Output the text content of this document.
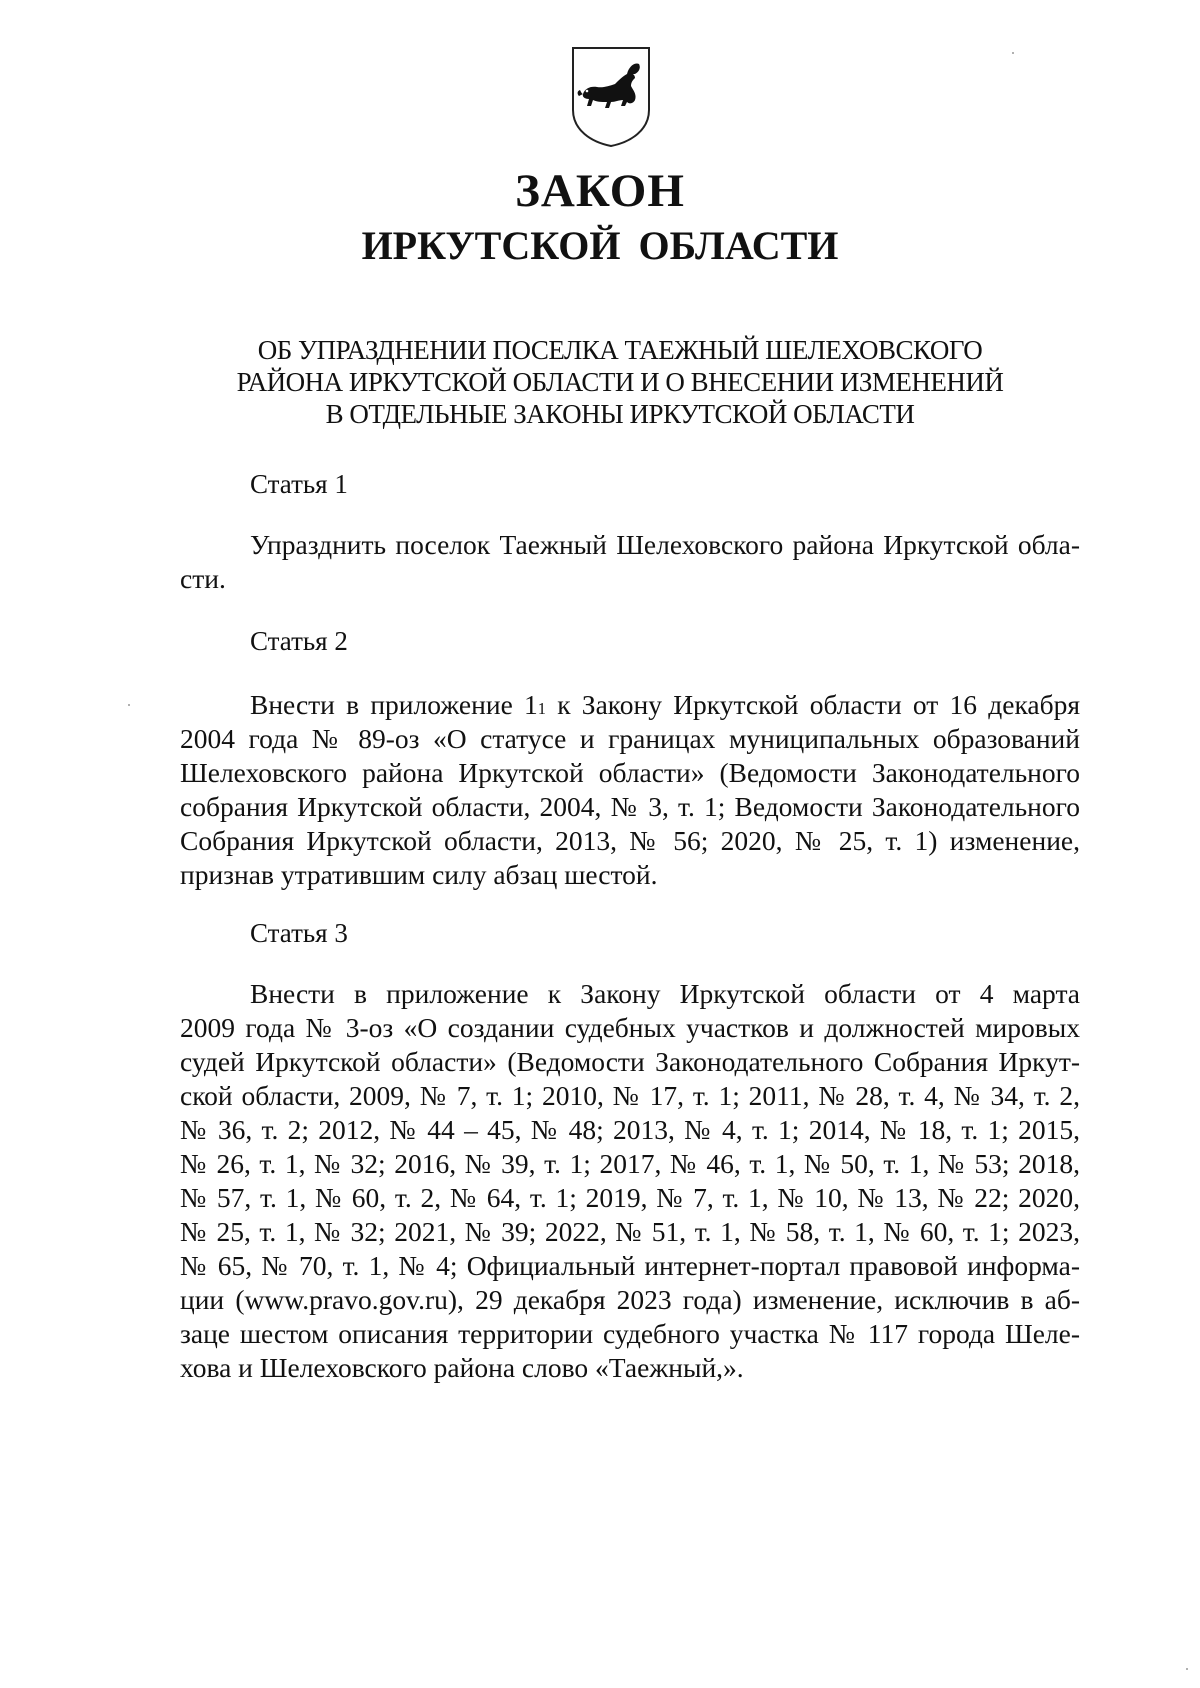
ЗАКОН
ИРКУТСКОЙ ОБЛАСТИ
ОБ УПРАЗДНЕНИИ ПОСЕЛКА ТАЕЖНЫЙ ШЕЛЕХОВСКОГО
РАЙОНА ИРКУТСКОЙ ОБЛАСТИ И О ВНЕСЕНИИ ИЗМЕНЕНИЙ
В ОТДЕЛЬНЫЕ ЗАКОНЫ ИРКУТСКОЙ ОБЛАСТИ

Статья 1

Упразднить поселок Таежный Шелеховского района Иркутской обла-
сти.

Статья 2

Внести в приложение $1^1$ к Закону Иркутской области от 16 декабря
2004 года № 89-оз «О статусе и границах муниципальных образований
Шелеховского района Иркутской области» (Ведомости Законодательного
собрания Иркутской области, 2004, № 3, т. 1; Ведомости Законодательного
Собрания Иркутской области, 2013, № 56; 2020, № 25, т. 1) изменение,
признав утратившим силу абзац шестой.

Статья 3

Внести в приложение к Закону Иркутской области от 4 марта
2009 года № 3-оз «О создании судебных участков и должностей мировых
судей Иркутской области» (Ведомости Законодательного Собрания Иркут-
ской области, 2009, № 7, т. 1; 2010, № 17, т. 1; 2011, № 28, т. 4, № 34, т. 2,
№ 36, т. 2; 2012, № 44 – 45, № 48; 2013, № 4, т. 1; 2014, № 18, т. 1; 2015,
№ 26, т. 1, № 32; 2016, № 39, т. 1; 2017, № 46, т. 1, № 50, т. 1, № 53; 2018,
№ 57, т. 1, № 60, т. 2, № 64, т. 1; 2019, № 7, т. 1, № 10, № 13, № 22; 2020,
№ 25, т. 1, № 32; 2021, № 39; 2022, № 51, т. 1, № 58, т. 1, № 60, т. 1; 2023,
№ 65, № 70, т. 1, № 4; Официальный интернет-портал правовой информа-
ции (www.pravo.gov.ru), 29 декабря 2023 года) изменение, исключив в аб-
заце шестом описания территории судебного участка № 117 города Шеле-
хова и Шелеховского района слово «Таежный,».
